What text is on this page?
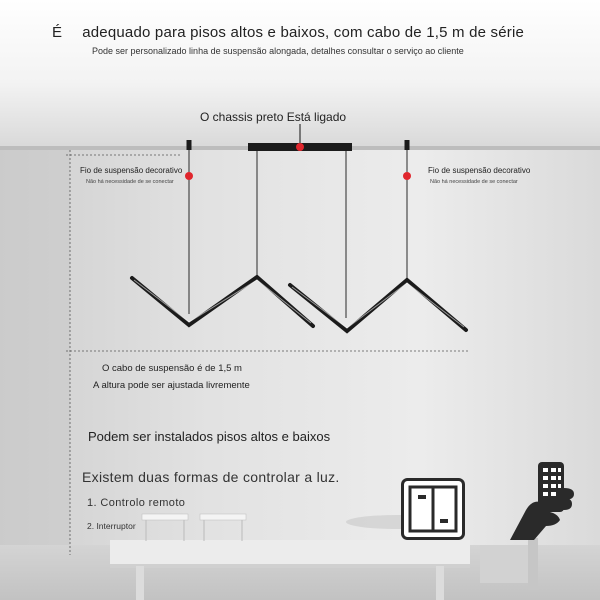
É adequado para pisos altos e baixos, com cabo de 1,5 m de série
Pode ser personalizado linha de suspensão alongada, detalhes consultar o serviço ao cliente
O chassis preto Está ligado
Fio de suspensão decorativo
Não há necessidade de se conectar
Fio de suspensão decorativo
Não há necessidade de se conectar
O cabo de suspensão é de 1,5 m
A altura pode ser ajustada livremente
Podem ser instalados pisos altos e baixos
Existem duas formas de controlar a luz.
1. Controlo remoto
2. Interruptor
